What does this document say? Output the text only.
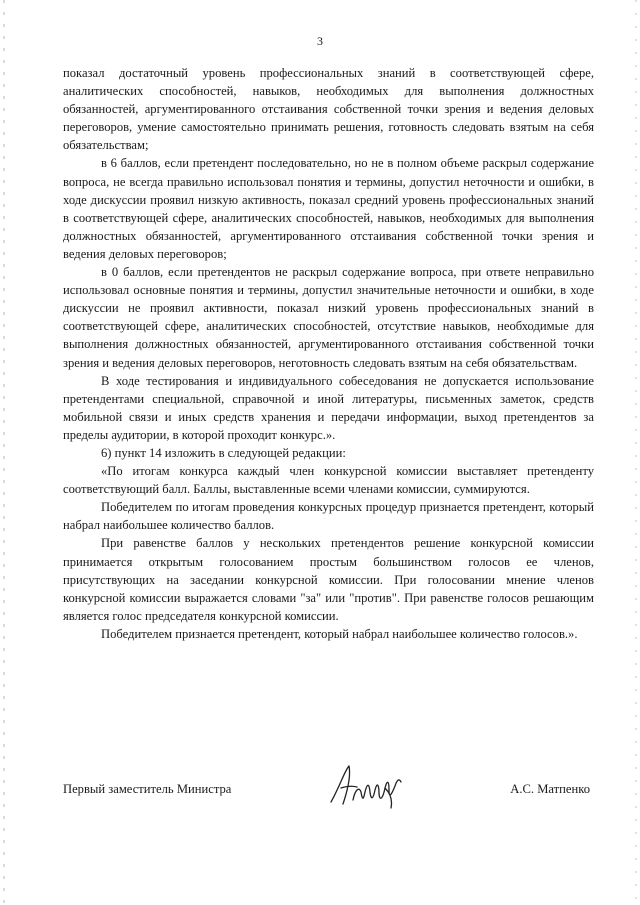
3

показал достаточный уровень профессиональных знаний в соответствующей сфере, аналитических способностей, навыков, необходимых для выполнения должностных обязанностей, аргументированного отстаивания собственной точки зрения и ведения деловых переговоров, умение самостоятельно принимать решения, готовность следовать взятым на себя обязательствам;

в 6 баллов, если претендент последовательно, но не в полном объеме раскрыл содержание вопроса, не всегда правильно использовал понятия и термины, допустил неточности и ошибки, в ходе дискуссии проявил низкую активность, показал средний уровень профессиональных знаний в соответствующей сфере, аналитических способностей, навыков, необходимых для выполнения должностных обязанностей, аргументированного отстаивания собственной точки зрения и ведения деловых переговоров;

в 0 баллов, если претендентов не раскрыл содержание вопроса, при ответе неправильно использовал основные понятия и термины, допустил значительные неточности и ошибки, в ходе дискуссии не проявил активности, показал низкий уровень профессиональных знаний в соответствующей сфере, аналитических способностей, отсутствие навыков, необходимые для выполнения должностных обязанностей, аргументированного отстаивания собственной точки зрения и ведения деловых переговоров, неготовность следовать взятым на себя обязательствам.

В ходе тестирования и индивидуального собеседования не допускается использование претендентами специальной, справочной и иной литературы, письменных заметок, средств мобильной связи и иных средств хранения и передачи информации, выход претендентов за пределы аудитории, в которой проходит конкурс.».

6) пункт 14 изложить в следующей редакции:

«По итогам конкурса каждый член конкурсной комиссии выставляет претенденту соответствующий балл. Баллы, выставленные всеми членами комиссии, суммируются.

Победителем по итогам проведения конкурсных процедур признается претендент, который набрал наибольшее количество баллов.

При равенстве баллов у нескольких претендентов решение конкурсной комиссии принимается открытым голосованием простым большинством голосов ее членов, присутствующих на заседании конкурсной комиссии. При голосовании мнение членов конкурсной комиссии выражается словами "за" или "против". При равенстве голосов решающим является голос председателя конкурсной комиссии.

Победителем признается претендент, который набрал наибольшее количество голосов.».

Первый заместитель Министра	А.С. Матпенко
